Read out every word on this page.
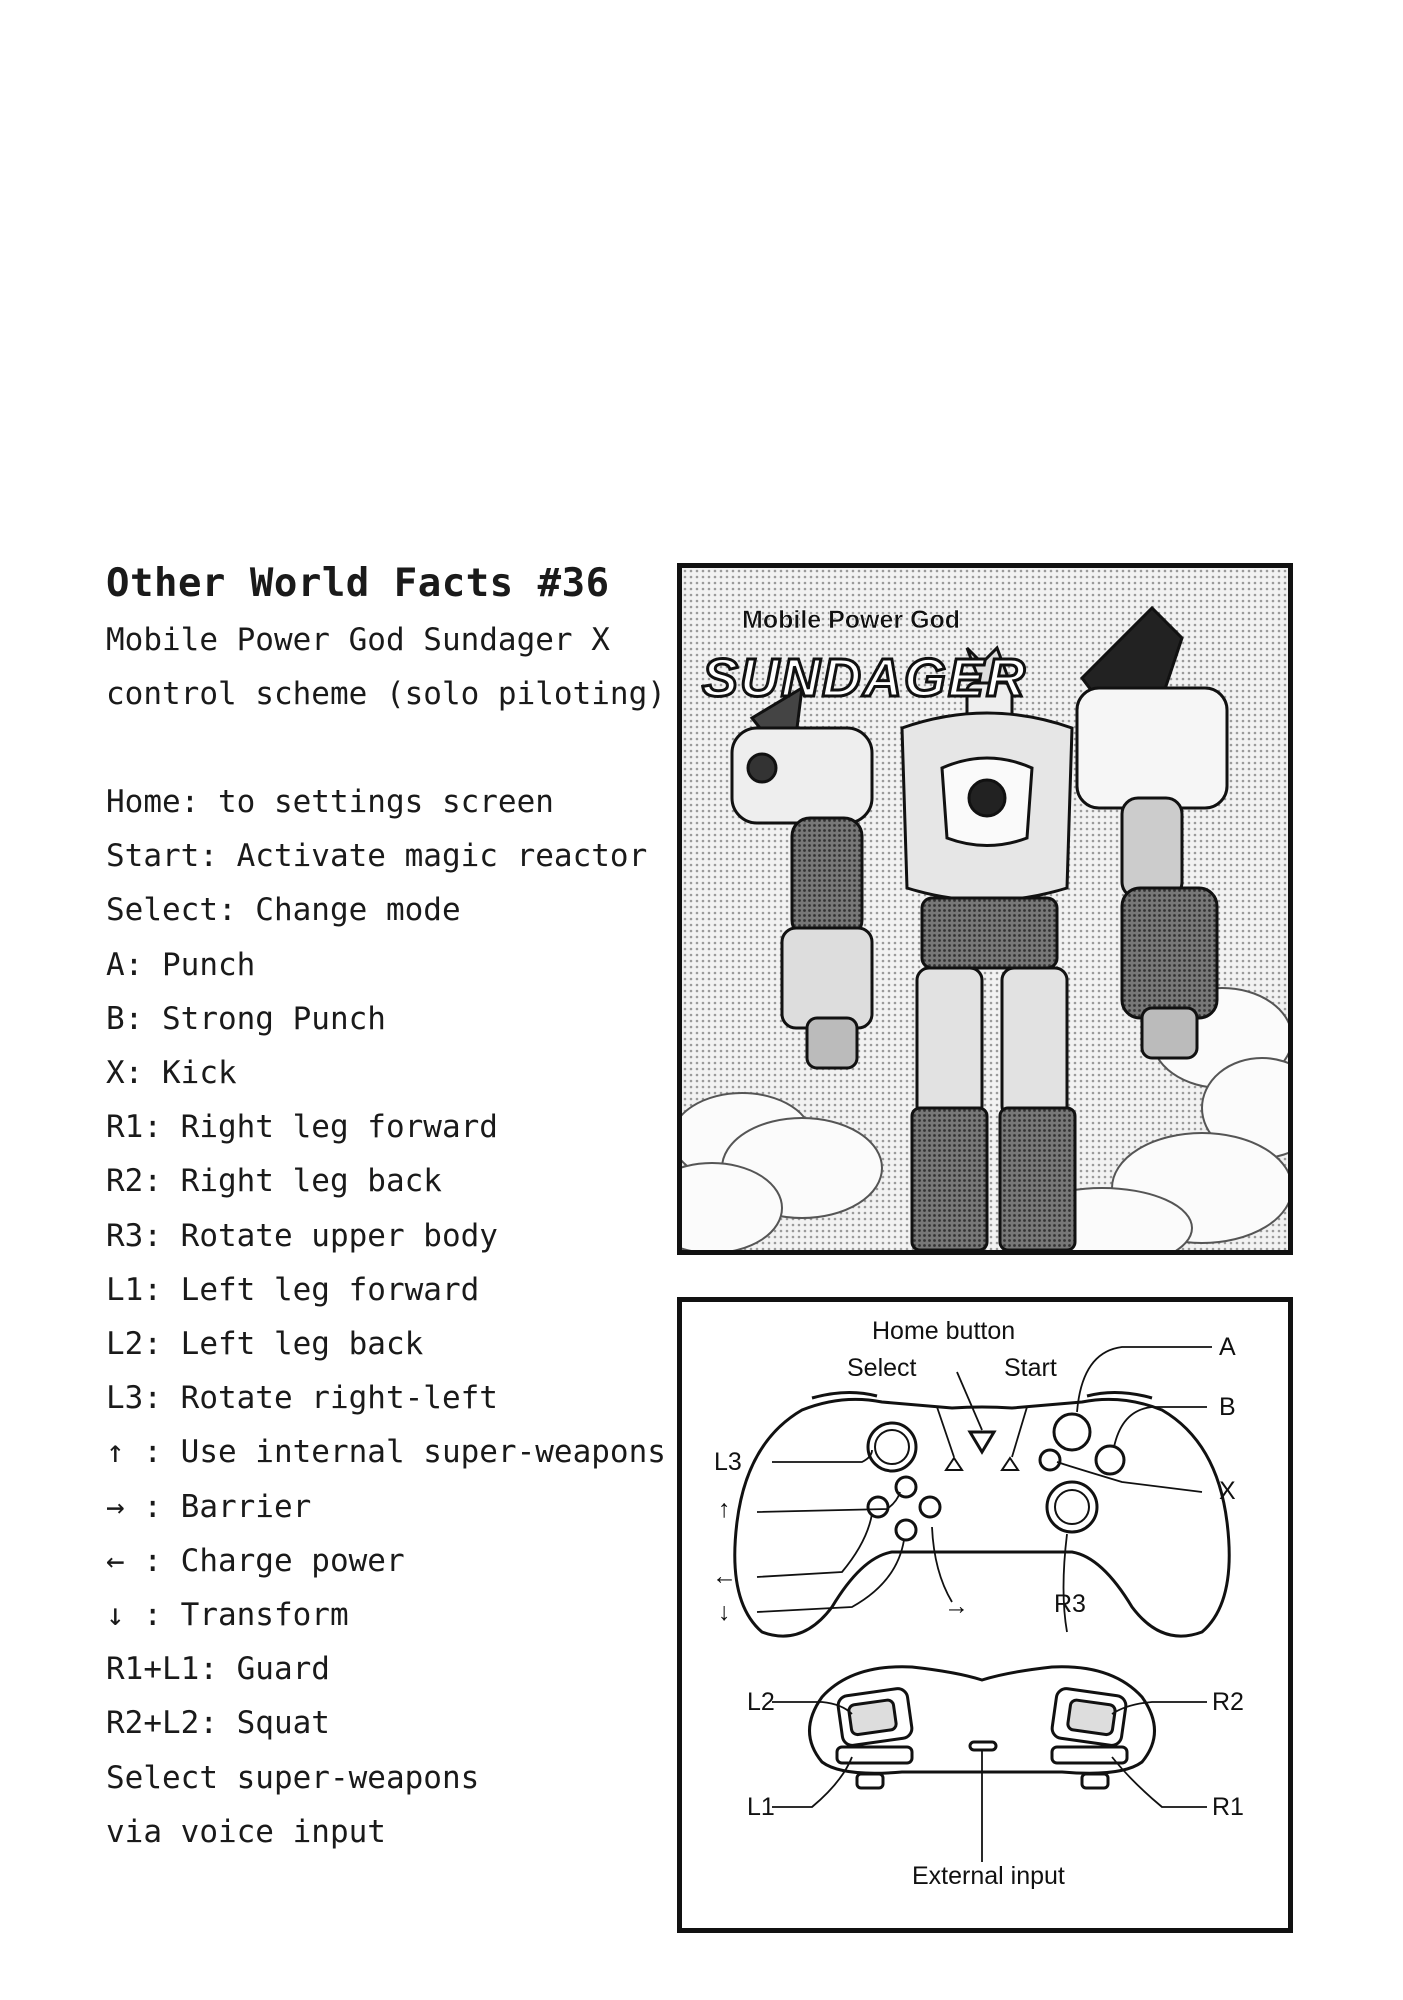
Other World Facts #36

Mobile Power God Sundager X

control scheme (solo piloting)

Home: to settings screen
Start: Activate magic reactor
Select: Change mode
A: Punch
B: Strong Punch
X: Kick
R1: Right leg forward
R2: Right leg back
R3: Rotate upper body
L1: Left leg forward
L2: Left leg back
L3: Rotate right-left
↑ : Use internal super-weapons
→ : Barrier
← : Charge power
↓ : Transform
R1+L1: Guard
R2+L2: Squat
Select super-weapons
via voice input
Mobile Power God
SUNDAGER
Home button
Select	Start
A
B
X
L3
↑
←
↓	→	R3
L2	R2
L1	R1
External input
